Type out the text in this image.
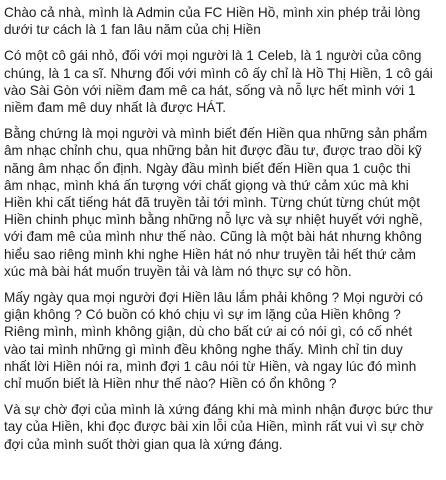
Chào cả nhà, mình là Admin của FC Hiền Hồ, mình xin phép trải lòng
dưới tư cách là 1 fan lâu năm của chị Hiền

Có một cô gái nhỏ, đối với mọi người là 1 Celeb, là 1 người của công
chúng, là 1 ca sĩ. Nhưng đối với mình cô ấy chỉ là Hồ Thị Hiền, 1 cô gái
vào Sài Gòn với niềm đam mê ca hát, sống và nỗ lực hết mình với 1
niềm đam mê duy nhất là được HÁT.

Bằng chứng là mọi người và mình biết đến Hiền qua những sản phẩm
âm nhạc chỉnh chu, qua những bản hit được đầu tư, được trao dồi kỹ
năng âm nhạc ổn định. Ngày đầu mình biết đến Hiền qua 1 cuộc thi
âm nhạc, mình khá ấn tượng với chất giọng và thứ cảm xúc mà khi
Hiền khi cất tiếng hát đã truyền tải tới mình. Từng chút từng chút một
Hiền chinh phục mình bằng những nỗ lực và sự nhiệt huyết với nghề,
với đam mê của mình như thế nào. Cũng là một bài hát nhưng không
hiểu sao riêng mình khi nghe Hiền hát nó như truyền tải hết thứ cảm
xúc mà bài hát muốn truyền tải và làm nó thực sự có hồn.

Mấy ngày qua mọi người đợi Hiền lâu lắm phải không ? Mọi người có
giận không ? Có buồn có khó chịu vì sự im lặng của Hiền không ?
Riêng mình, mình không giận, dù cho bất cứ ai có nói gì, có cố nhét
vào tai mình những gì mình đều không nghe thấy. Mình chỉ tin duy
nhất lời Hiền nói ra, mình đợi 1 câu nói từ Hiền, và ngay lúc đó mình
chỉ muốn biết là Hiền như thế nào? Hiền có ổn không ?

Và sự chờ đợi của mình là xứng đáng khi mà mình nhận được bức thư
tay của Hiền, khi đọc được bài xin lỗi của Hiền, mình rất vui vì sự chờ
đợi của mình suốt thời gian qua là xứng đáng.
